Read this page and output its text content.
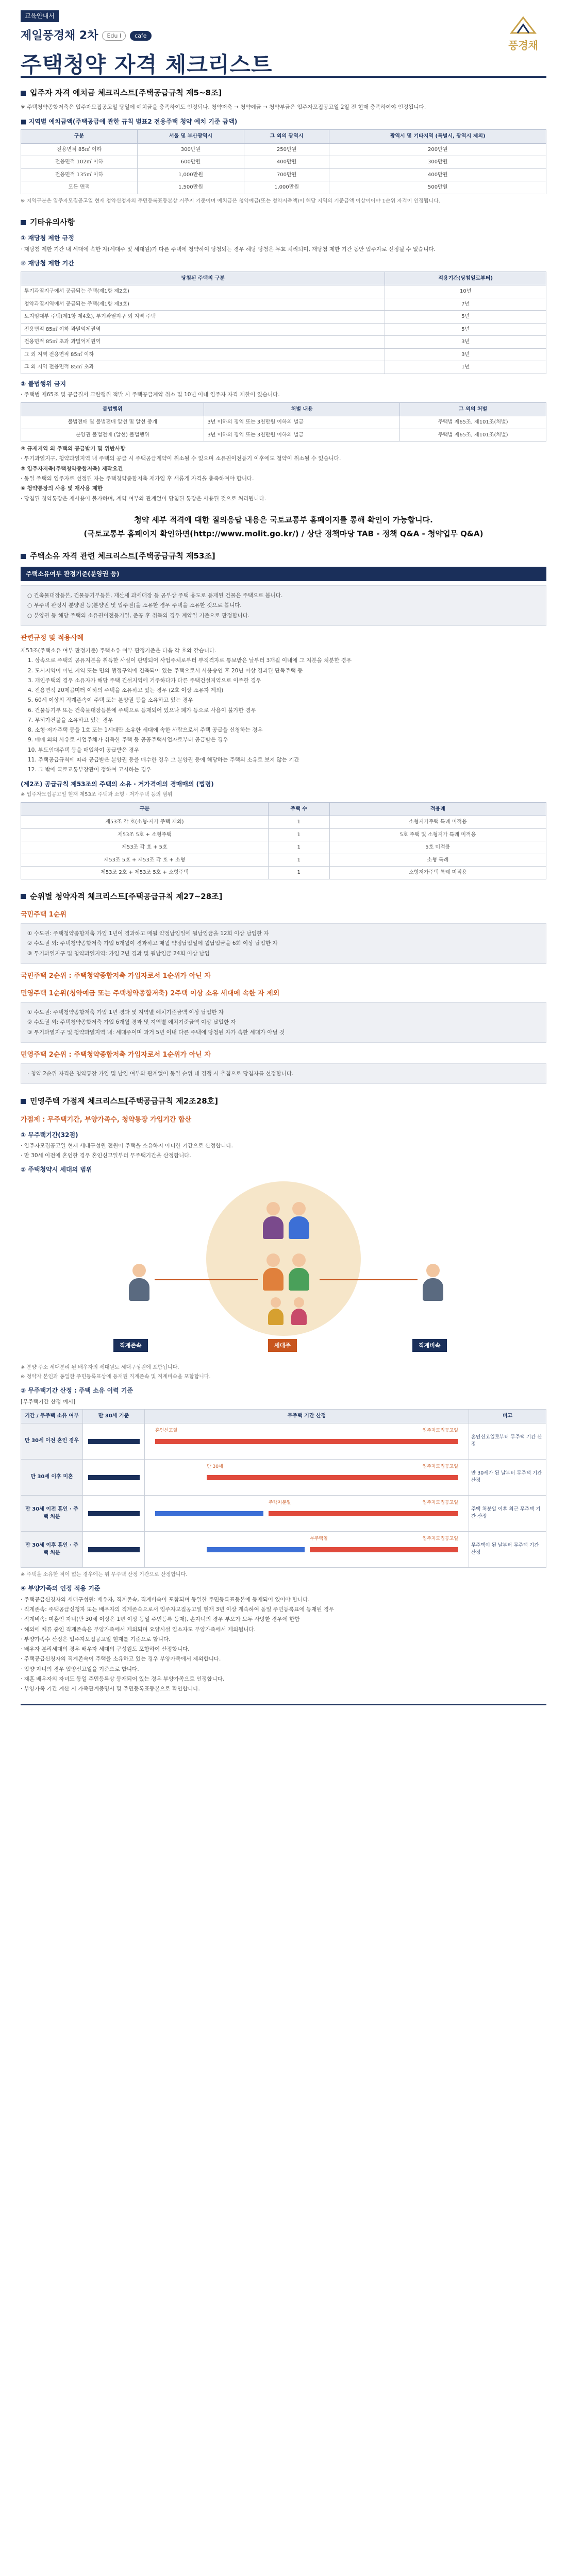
교육안내서
제일풍경채 2차	Edu I	cafe
주택청약 자격 체크리스트
풍경채
입주자 자격 예치금 체크리스트[주택공급규칙 제5~8조]

※ 주택청약종합저축은 입주자모집공고일 당일에 예치금을 충족하여도 인정되나, 청약저축 → 청약예금 → 청약부금은 입주자모집공고일 2일 전 현재 충족하여야 인정됩니다.

■ 지역별 예치금액(주택공급에 관한 규칙 별표2 전용주택 청약 예치 기준 금액)
구분	서울 및 부산광역시	그 외의 광역시	광역시 및 기타지역 (특별시, 광역시 제외)
전용면적 85㎡ 이하	300만원	250만원	200만원
전용면적 102㎡ 이하	600만원	400만원	300만원
전용면적 135㎡ 이하	1,000만원	700만원	400만원
모든 면적	1,500만원	1,000만원	500만원

※ 지역구분은 입주자모집공고일 현재 청약신청자의 주민등록표등본상 거주지 기준이며 예치금은 청약예금(또는 청약저축액)이 해당 지역의 기준금액 이상이어야 1순위 자격이 인정됩니다.

기타유의사항
① 재당첨 제한 규정

· 재당첨 제한 기간 내 세대에 속한 자(세대주 및 세대원)가 다른 주택에 청약하여 당첨되는 경우 해당 당첨은 무효 처리되며, 재당첨 제한 기간 동안 입주자로 선정될 수 없습니다.

② 재당첨 제한 기간
당첨된 주택의 구분	적용기간(당첨일로부터)
투기과열지구에서 공급되는 주택(제1항 제2호)	10년
청약과열지역에서 공급되는 주택(제1항 제3호)	7년
토지임대부 주택(제1항 제4호), 투기과열지구 외 지역 주택	5년
전용면적 85㎡ 이하 과밀억제권역	5년
전용면적 85㎡ 초과 과밀억제권역	3년
그 외 지역 전용면적 85㎡ 이하	3년
그 외 지역 전용면적 85㎡ 초과	1년
③ 불법행위 금지

· 주택법 제65조 및 공급질서 교란행위 적발 시 주택공급계약 취소 및 10년 이내 입주자 자격 제한이 있습니다.

불법행위	처벌 내용	그 외의 처벌
불법전매 및 불법전매 알선 및 알선 중개	3년 이하의 징역 또는 3천만원 이하의 벌금	주택법 제65조, 제101조(처벌)
분양권 불법전매 (알선) 불법행위	3년 이하의 징역 또는 3천만원 이하의 벌금	주택법 제65조, 제101조(처벌)

④ 규제지역 외 주택의 공급받기 및 위반사항

· 투기과열지구, 청약과열지역 내 주택의 공급 시 주택공급계약이 취소될 수 있으며 소유권이전등기 이후에도 청약이 취소될 수 있습니다.

⑤ 입주자저축(주택청약종합저축) 제작요건

· 동일 주택의 입주자로 선정된 자는 주택청약종합저축 재가입 후 새롭게 자격을 충족하여야 합니다.

⑥ 청약통장의 사용 및 재사용 제한

· 당첨된 청약통장은 재사용이 불가하며, 계약 여부와 관계없이 당첨된 통장은 사용된 것으로 처리됩니다.

청약 세부 적격에 대한 질의응답 내용은 국토교통부 홈페이지를 통해 확인이 가능합니다.
(국토교통부 홈페이지 확인하면(http://www.molit.go.kr/) / 상단 정책마당 TAB - 정책 Q&A - 청약업무 Q&A)
주택소유 자격 관련 체크리스트[주택공급규칙 제53조]
주택소유여부 판정기준(분양권 등)

○ 건축물대장등본, 건물등기부등본, 재산세 과세대장 등 공부상 주택 용도로 등재된 건물은 주택으로 봅니다.

○ 무주택 판정시 분양권 등(분양권 및 입주권)을 소유한 경우 주택을 소유한 것으로 봅니다.

○ 분양권 등 해당 주택의 소유권이전등기일, 준공 후 취득의 경우 계약일 기준으로 판정합니다.

관련규정 및 적용사례

제53조(주택소유 여부 판정기준) 주택소유 여부 판정기준은 다음 각 호와 같습니다.

1. 상속으로 주택의 공유지분을 취득한 사실이 판명되어 사업주체로부터 부적격자로 통보받은 날부터 3개월 이내에 그 지분을 처분한 경우

2. 도시지역이 아닌 지역 또는 면의 행정구역에 건축되어 있는 주택으로서 사용승인 후 20년 이상 경과된 단독주택 등

3. 개인주택의 경우 소유자가 해당 주택 건설지역에 거주하다가 다른 주택건설지역으로 이주한 경우

4. 전용면적 20제곱미터 이하의 주택을 소유하고 있는 경우 (2호 이상 소유자 제외)

5. 60세 이상의 직계존속이 주택 또는 분양권 등을 소유하고 있는 경우

6. 건물등기부 또는 건축물대장등본에 주택으로 등재되어 있으나 폐가 등으로 사용이 불가한 경우

7. 무허가건물을 소유하고 있는 경우

8. 소형·저가주택 등을 1호 또는 1세대만 소유한 세대에 속한 사람으로서 주택 공급을 신청하는 경우

9. 매매 외의 사유로 사업주체가 취득한 주택 등 공공주택사업자로부터 공급받은 경우

10. 부도임대주택 등을 매입하여 공급받은 경우

11. 주택공급규칙에 따라 공급받은 분양권 등을 매수한 경우 그 분양권 등에 해당하는 주택의 소유로 보지 않는 기간

12. 그 밖에 국토교통부장관이 정하여 고시하는 경우

(제2조) 공급규칙 제53조의 주택의 소유 · 거가격에의 경매매의 (법령)

※ 입주자모집공고일 현재 제53조 주택과 소형 · 저가주택 등의 범위

구분	주택 수	적용례
제53조 각 호(소형·저가 주택 제외)	1	소형저가주택 특례 미적용
제53조 5호 + 소형주택	1	5호 주택 및 소형저가 특례 미적용
제53조 각 호 + 5호	1	5호 미적용
제53조 5호 + 제53조 각 호 + 소형	1	소형 특례
제53조 2호 + 제53조 5호 + 소형주택	1	소형저가주택 특례 미적용
순위별 청약자격 체크리스트[주택공급규칙 제27~28조]
국민주택 1순위

① 수도권: 주택청약종합저축 가입 1년이 경과하고 매월 약정납입일에 월납입금을 12회 이상 납입한 자

② 수도권 외: 주택청약종합저축 가입 6개월이 경과하고 매월 약정납입일에 월납입금을 6회 이상 납입한 자

③ 투기과열지구 및 청약과열지역: 가입 2년 경과 및 월납입금 24회 이상 납입

국민주택 2순위 : 주택청약종합저축 가입자로서 1순위가 아닌 자
민영주택 1순위(청약예금 또는 주택청약종합저축) 2주택 이상 소유 세대에 속한 자 제외

① 수도권: 주택청약종합저축 가입 1년 경과 및 지역별 예치기준금액 이상 납입한 자

② 수도권 외: 주택청약종합저축 가입 6개월 경과 및 지역별 예치기준금액 이상 납입한 자

③ 투기과열지구 및 청약과열지역 내: 세대주이며 과거 5년 이내 다른 주택에 당첨된 자가 속한 세대가 아닐 것

민영주택 2순위 : 주택청약종합저축 가입자로서 1순위가 아닌 자

· 청약 2순위 자격은 청약통장 가입 및 납입 여부와 관계없이 동일 순위 내 경쟁 시 추첨으로 당첨자를 선정합니다.

민영주택 가점제 체크리스트[주택공급규칙 제2조28호]
가점제 : 무주택기간, 부양가족수, 청약통장 가입기간 합산
① 무주택기간(32점)

· 입주자모집공고일 현재 세대구성원 전원이 주택을 소유하지 아니한 기간으로 산정합니다.

· 만 30세 이전에 혼인한 경우 혼인신고일부터 무주택기간을 산정합니다.

② 주택청약시 세대의 범위
직계존속	세대주	직계비속

※ 분양 주소 세대분리 된 배우자의 세대원도 세대구성원에 포함됩니다.

※ 청약자 본인과 동일한 주민등록표상에 등재된 직계존속 및 직계비속을 포함합니다.

③ 무주택기간 산정 : 주택 소유 이력 기준
[무주택기간 산정 예시]
기간 / 무주택 소유 여부	만 30세 기준	무주택 기간 산정	비고
만 30세 이전 혼인 경우		혼인신고일 입주자모집공고일	혼인신고일로부터 무주택 기간 산정
만 30세 이후 미혼		만 30세 입주자모집공고일	만 30세가 된 날부터 무주택 기간 산정
만 30세 이전 혼인 · 주택 처분		주택처분일 입주자모집공고일	주택 처분일 이후 최근 무주택 기간 산정
만 30세 이후 혼인 · 주택 처분		무주택일 입주자모집공고일	무주택이 된 날부터 무주택 기간 산정

※ 주택을 소유한 적이 없는 경우에는 위 무주택 산정 기간으로 산정합니다.

④ 부양가족의 인정 적용 기준

· 주택공급신청자의 세대구성원: 배우자, 직계존속, 직계비속이 포함되며 동일한 주민등록표등본에 등재되어 있어야 합니다.

· 직계존속: 주택공급신청자 또는 배우자의 직계존속으로서 입주자모집공고일 현재 3년 이상 계속하여 동일 주민등록표에 등재된 경우

· 직계비속: 미혼인 자녀(만 30세 이상은 1년 이상 동일 주민등록 등재), 손자녀의 경우 부모가 모두 사망한 경우에 한함

· 해외에 체류 중인 직계존속은 부양가족에서 제외되며 요양시설 입소자도 부양가족에서 제외됩니다.

· 부양가족수 산정은 입주자모집공고일 현재를 기준으로 합니다.

· 배우자 분리세대의 경우 배우자 세대의 구성원도 포함하여 산정합니다.

· 주택공급신청자의 직계존속이 주택을 소유하고 있는 경우 부양가족에서 제외합니다.

· 입양 자녀의 경우 입양신고일을 기준으로 합니다.

· 재혼 배우자의 자녀도 동일 주민등록상 등재되어 있는 경우 부양가족으로 인정합니다.

· 부양가족 기간 계산 시 가족관계증명서 및 주민등록표등본으로 확인합니다.
